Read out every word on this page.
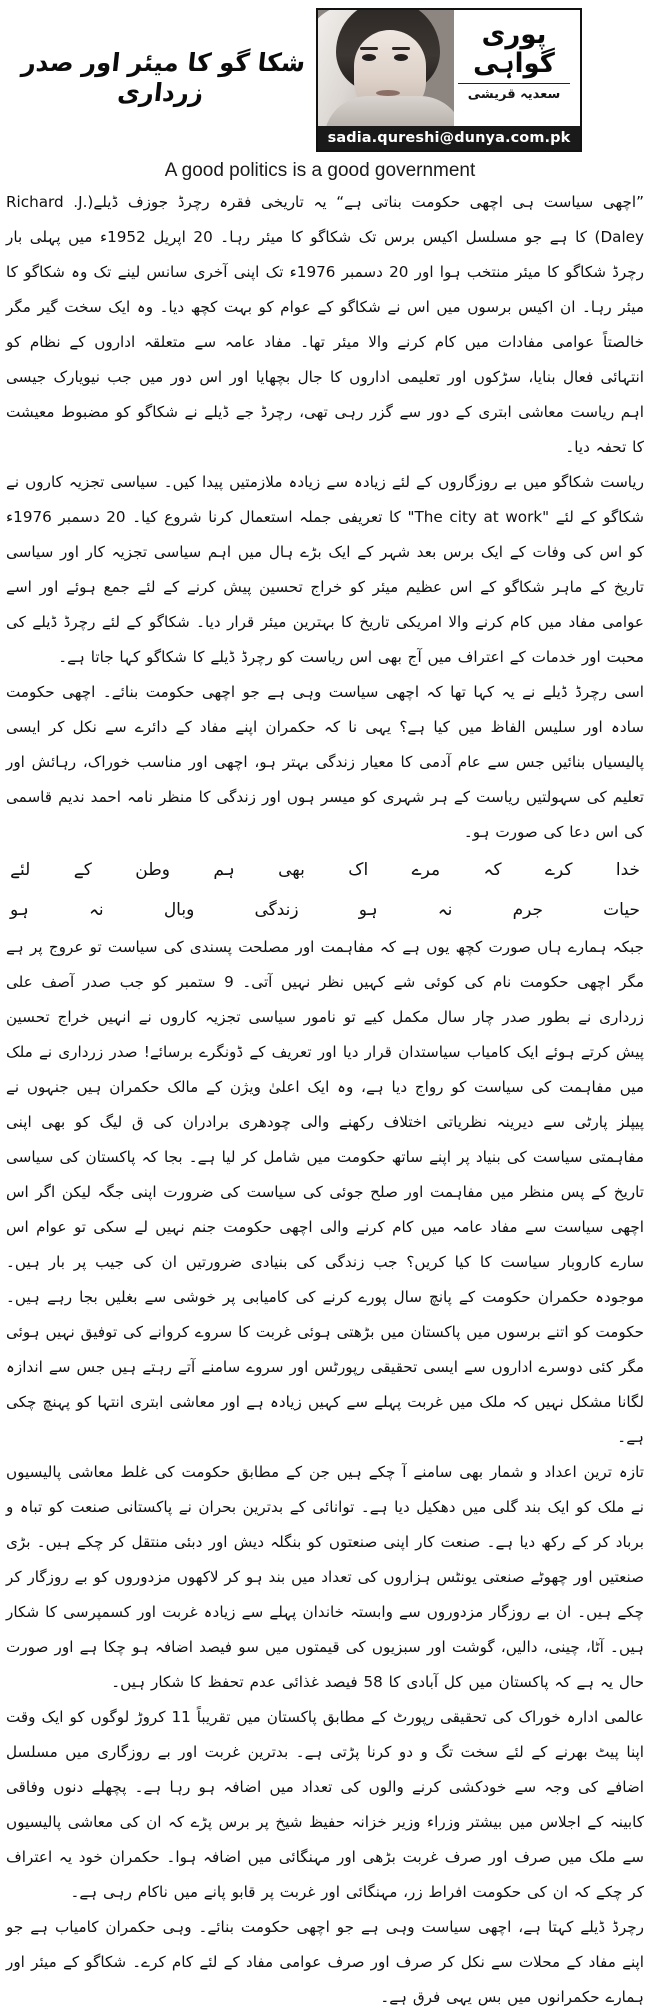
شکا گو کا میئر اور صدر زرداری
پوری
گواہی
سعدیہ قریشی
sadia.qureshi@dunya.com.pk
A good politics is a good government

”اچھی سیاست ہی اچھی حکومت بناتی ہے“ یہ تاریخی فقرہ رچرڈ جوزف ڈیلے(Richard .J. Daley) کا ہے جو مسلسل اکیس برس تک شکاگو کا میئر رہا۔ 20 اپریل 1952ء میں پہلی بار رچرڈ شکاگو کا میئر منتخب ہوا اور 20 دسمبر 1976ء تک اپنی آخری سانس لینے تک وہ شکاگو کا میئر رہا۔ ان اکیس برسوں میں اس نے شکاگو کے عوام کو بہت کچھ دیا۔ وہ ایک سخت گیر مگر خالصتاً عوامی مفادات میں کام کرنے والا میئر تھا۔ مفاد عامہ سے متعلقہ اداروں کے نظام کو انتہائی فعال بنایا، سڑکوں اور تعلیمی اداروں کا جال بچھایا اور اس دور میں جب نیویارک جیسی اہم ریاست معاشی ابتری کے دور سے گزر رہی تھی، رچرڈ جے ڈیلے نے شکاگو کو مضبوط معیشت کا تحفہ دیا۔

ریاست شکاگو میں بے روزگاروں کے لئے زیادہ سے زیادہ ملازمتیں پیدا کیں۔ سیاسی تجزیہ کاروں نے شکاگو کے لئے "The city at work" کا تعریفی جملہ استعمال کرنا شروع کیا۔ 20 دسمبر 1976ء کو اس کی وفات کے ایک برس بعد شہر کے ایک بڑے ہال میں اہم سیاسی تجزیہ کار اور سیاسی تاریخ کے ماہر شکاگو کے اس عظیم میئر کو خراج تحسین پیش کرنے کے لئے جمع ہوئے اور اسے عوامی مفاد میں کام کرنے والا امریکی تاریخ کا بہترین میئر قرار دیا۔ شکاگو کے لئے رچرڈ ڈیلے کی محبت اور خدمات کے اعتراف میں آج بھی اس ریاست کو رچرڈ ڈیلے کا شکاگو کہا جاتا ہے۔

اسی رچرڈ ڈیلے نے یہ کہا تھا کہ اچھی سیاست وہی ہے جو اچھی حکومت بنائے۔ اچھی حکومت سادہ اور سلیس الفاظ میں کیا ہے؟ یہی نا کہ حکمران اپنے مفاد کے دائرے سے نکل کر ایسی پالیسیاں بنائیں جس سے عام آدمی کا معیار زندگی بہتر ہو، اچھی اور مناسب خوراک، رہائش اور تعلیم کی سہولتیں ریاست کے ہر شہری کو میسر ہوں اور زندگی کا منظر نامہ احمد ندیم قاسمی کی اس دعا کی صورت ہو۔

خدا
کرے
کہ
مرے
اک
بھی
ہم
وطن
کے
لئے
حیات
جرم
نہ
ہو
زندگی
وبال
نہ
ہو

جبکہ ہمارے ہاں صورت کچھ یوں ہے کہ مفاہمت اور مصلحت پسندی کی سیاست تو عروج پر ہے مگر اچھی حکومت نام کی کوئی شے کہیں نظر نہیں آتی۔ 9 ستمبر کو جب صدر آصف علی زرداری نے بطور صدر چار سال مکمل کیے تو نامور سیاسی تجزیہ کاروں نے انہیں خراج تحسین پیش کرتے ہوئے ایک کامیاب سیاستدان قرار دیا اور تعریف کے ڈونگرے برسائے! صدر زرداری نے ملک میں مفاہمت کی سیاست کو رواج دیا ہے، وہ ایک اعلیٰ ویژن کے مالک حکمران ہیں جنہوں نے پیپلز پارٹی سے دیرینہ نظریاتی اختلاف رکھنے والی چودھری برادران کی ق لیگ کو بھی اپنی مفاہمتی سیاست کی بنیاد پر اپنے ساتھ حکومت میں شامل کر لیا ہے۔ بجا کہ پاکستان کی سیاسی تاریخ کے پس منظر میں مفاہمت اور صلح جوئی کی سیاست کی ضرورت اپنی جگہ لیکن اگر اس اچھی سیاست سے مفاد عامہ میں کام کرنے والی اچھی حکومت جنم نہیں لے سکی تو عوام اس سارے کاروبار سیاست کا کیا کریں؟ جب زندگی کی بنیادی ضرورتیں ان کی جیب پر بار ہیں۔ موجودہ حکمران حکومت کے پانچ سال پورے کرنے کی کامیابی پر خوشی سے بغلیں بجا رہے ہیں۔ حکومت کو اتنے برسوں میں پاکستان میں بڑھتی ہوئی غربت کا سروے کروانے کی توفیق نہیں ہوئی مگر کئی دوسرے اداروں سے ایسی تحقیقی رپورٹس اور سروے سامنے آتے رہتے ہیں جس سے اندازہ لگانا مشکل نہیں کہ ملک میں غربت پہلے سے کہیں زیادہ ہے اور معاشی ابتری انتہا کو پہنچ چکی ہے۔

تازہ ترین اعداد و شمار بھی سامنے آ چکے ہیں جن کے مطابق حکومت کی غلط معاشی پالیسیوں نے ملک کو ایک بند گلی میں دھکیل دیا ہے۔ توانائی کے بدترین بحران نے پاکستانی صنعت کو تباہ و برباد کر کے رکھ دیا ہے۔ صنعت کار اپنی صنعتوں کو بنگلہ دیش اور دبئی منتقل کر چکے ہیں۔ بڑی صنعتیں اور چھوٹے صنعتی یونٹس ہزاروں کی تعداد میں بند ہو کر لاکھوں مزدوروں کو بے روزگار کر چکے ہیں۔ ان بے روزگار مزدوروں سے وابستہ خاندان پہلے سے زیادہ غربت اور کسمپرسی کا شکار ہیں۔ آٹا، چینی، دالیں، گوشت اور سبزیوں کی قیمتوں میں سو فیصد اضافہ ہو چکا ہے اور صورت حال یہ ہے کہ پاکستان میں کل آبادی کا 58 فیصد غذائی عدم تحفظ کا شکار ہیں۔

عالمی ادارہ خوراک کی تحقیقی رپورٹ کے مطابق پاکستان میں تقریباً 11 کروڑ لوگوں کو ایک وقت اپنا پیٹ بھرنے کے لئے سخت تگ و دو کرنا پڑتی ہے۔ بدترین غربت اور بے روزگاری میں مسلسل اضافے کی وجہ سے خودکشی کرنے والوں کی تعداد میں اضافہ ہو رہا ہے۔ پچھلے دنوں وفاقی کابینہ کے اجلاس میں بیشتر وزراء وزیر خزانہ حفیظ شیخ پر برس پڑے کہ ان کی معاشی پالیسیوں سے ملک میں صرف اور صرف غربت بڑھی اور مہنگائی میں اضافہ ہوا۔ حکمران خود یہ اعتراف کر چکے کہ ان کی حکومت افراط زر، مہنگائی اور غربت پر قابو پانے میں ناکام رہی ہے۔

رچرڈ ڈیلے کہتا ہے، اچھی سیاست وہی ہے جو اچھی حکومت بنائے۔ وہی حکمران کامیاب ہے جو اپنے مفاد کے محلات سے نکل کر صرف اور صرف عوامی مفاد کے لئے کام کرے۔ شکاگو کے میئر اور ہمارے حکمرانوں میں بس یہی فرق ہے۔
